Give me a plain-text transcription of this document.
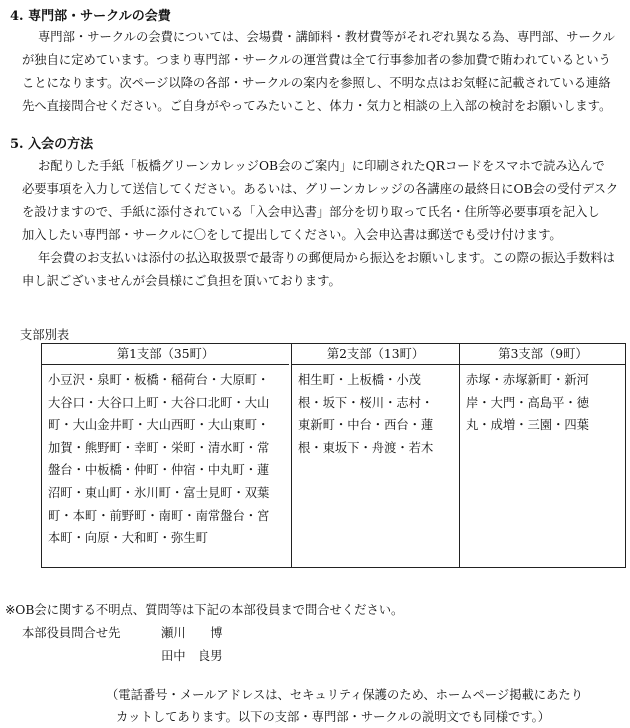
4. 専門部・サークルの会費
専門部・サークルの会費については、会場費・講師料・教材費等がそれぞれ異なる為、専門部、サークル
が独自に定めています。つまり専門部・サークルの運営費は全て行事参加者の参加費で賄われているという
ことになります。次ページ以降の各部・サークルの案内を参照し、不明な点はお気軽に記載されている連絡
先へ直接問合せください。ご自身がやってみたいこと、体力・気力と相談の上入部の検討をお願いします。
5. 入会の方法
お配りした手紙「板橋グリーンカレッジOB会のご案内」に印刷されたQRコードをスマホで読み込んで
必要事項を入力して送信してください。あるいは、グリーンカレッジの各講座の最終日にOB会の受付デスク
を設けますので、手紙に添付されている「入会申込書」部分を切り取って氏名・住所等必要事項を記入し
加入したい専門部・サークルに〇をして提出してください。入会申込書は郵送でも受け付けます。
年会費のお支払いは添付の払込取扱票で最寄りの郵便局から振込をお願いします。この際の振込手数料は
申し訳ございませんが会員様にご負担を頂いております。
支部別表
第1支部（35町）
小豆沢・泉町・板橋・稲荷台・大原町・
大谷口・大谷口上町・大谷口北町・大山
町・大山金井町・大山西町・大山東町・
加賀・熊野町・幸町・栄町・清水町・常
盤台・中板橋・仲町・仲宿・中丸町・蓮
沼町・東山町・氷川町・富士見町・双葉
町・本町・前野町・南町・南常盤台・宮
本町・向原・大和町・弥生町
第2支部（13町）
相生町・上板橋・小茂
根・坂下・桜川・志村・
東新町・中台・西台・蓮
根・東坂下・舟渡・若木
第3支部（9町）
赤塚・赤塚新町・新河
岸・大門・高島平・徳
丸・成増・三園・四葉
※OB会に関する不明点、質問等は下記の本部役員まで問合せください。
本部役員問合せ先	瀬川　　博
田中　良男
（電話番号・メールアドレスは、セキュリティ保護のため、ホームページ掲載にあたり
カットしてあります。以下の支部・専門部・サークルの説明文でも同様です。）
